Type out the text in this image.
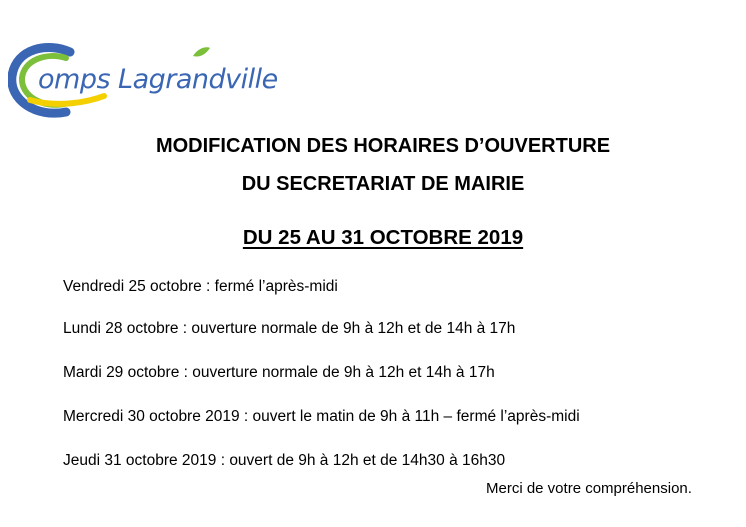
omps Lagrandville
MODIFICATION DES HORAIRES D’OUVERTURE
DU SECRETARIAT DE MAIRIE
DU 25 AU 31 OCTOBRE 2019
Vendredi 25 octobre : fermé l’après-midi
Lundi 28 octobre : ouverture normale de 9h à 12h et de 14h à 17h
Mardi 29 octobre : ouverture normale de 9h à 12h et 14h à 17h
Mercredi 30 octobre 2019 : ouvert le matin de 9h à 11h – fermé l’après-midi
Jeudi 31 octobre 2019 : ouvert de 9h à 12h et de 14h30 à 16h30
Merci de votre compréhension.
